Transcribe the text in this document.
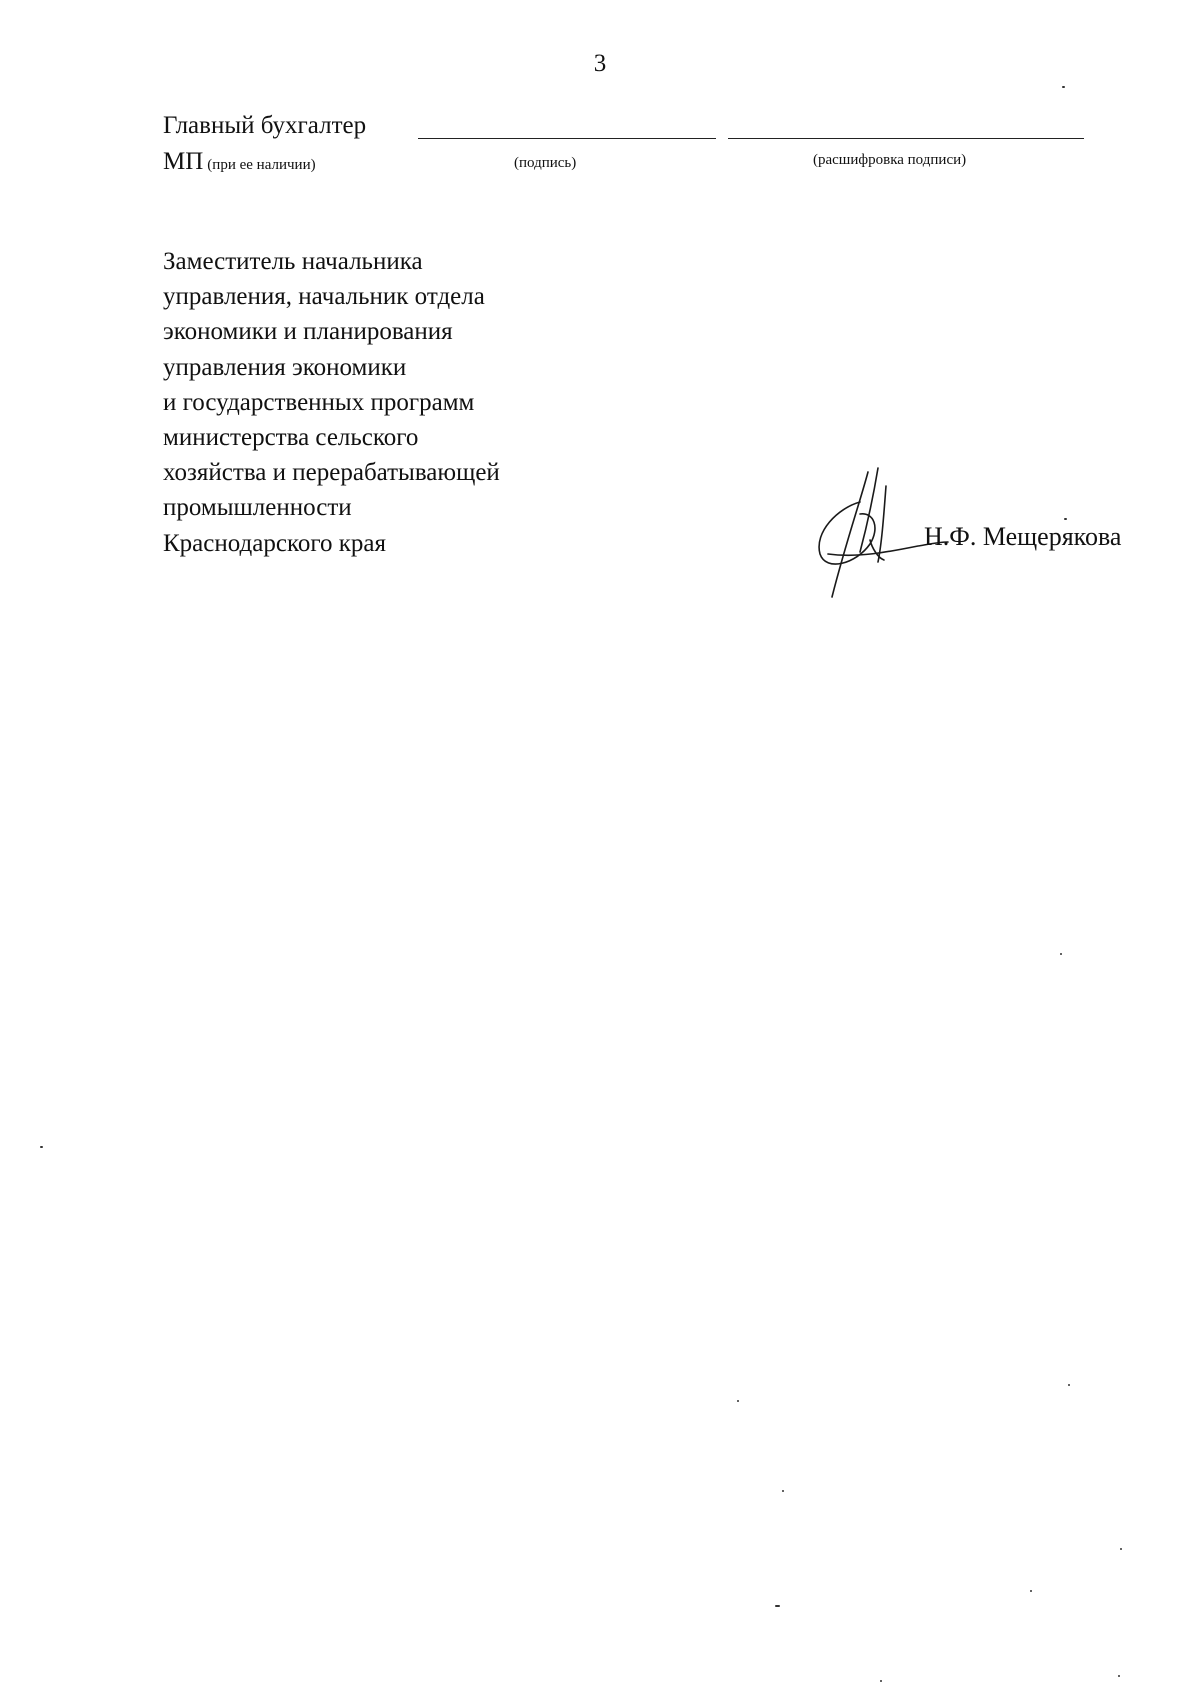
3
Главный бухгалтер
МП (при ее наличии)	(подпись)	(расшифровка подписи)
Заместитель начальника
управления, начальник отдела
экономики и планирования
управления экономики
и государственных программ
министерства сельского
хозяйства и перерабатывающей
промышленности
Краснодарского края	Н.Ф. Мещерякова
